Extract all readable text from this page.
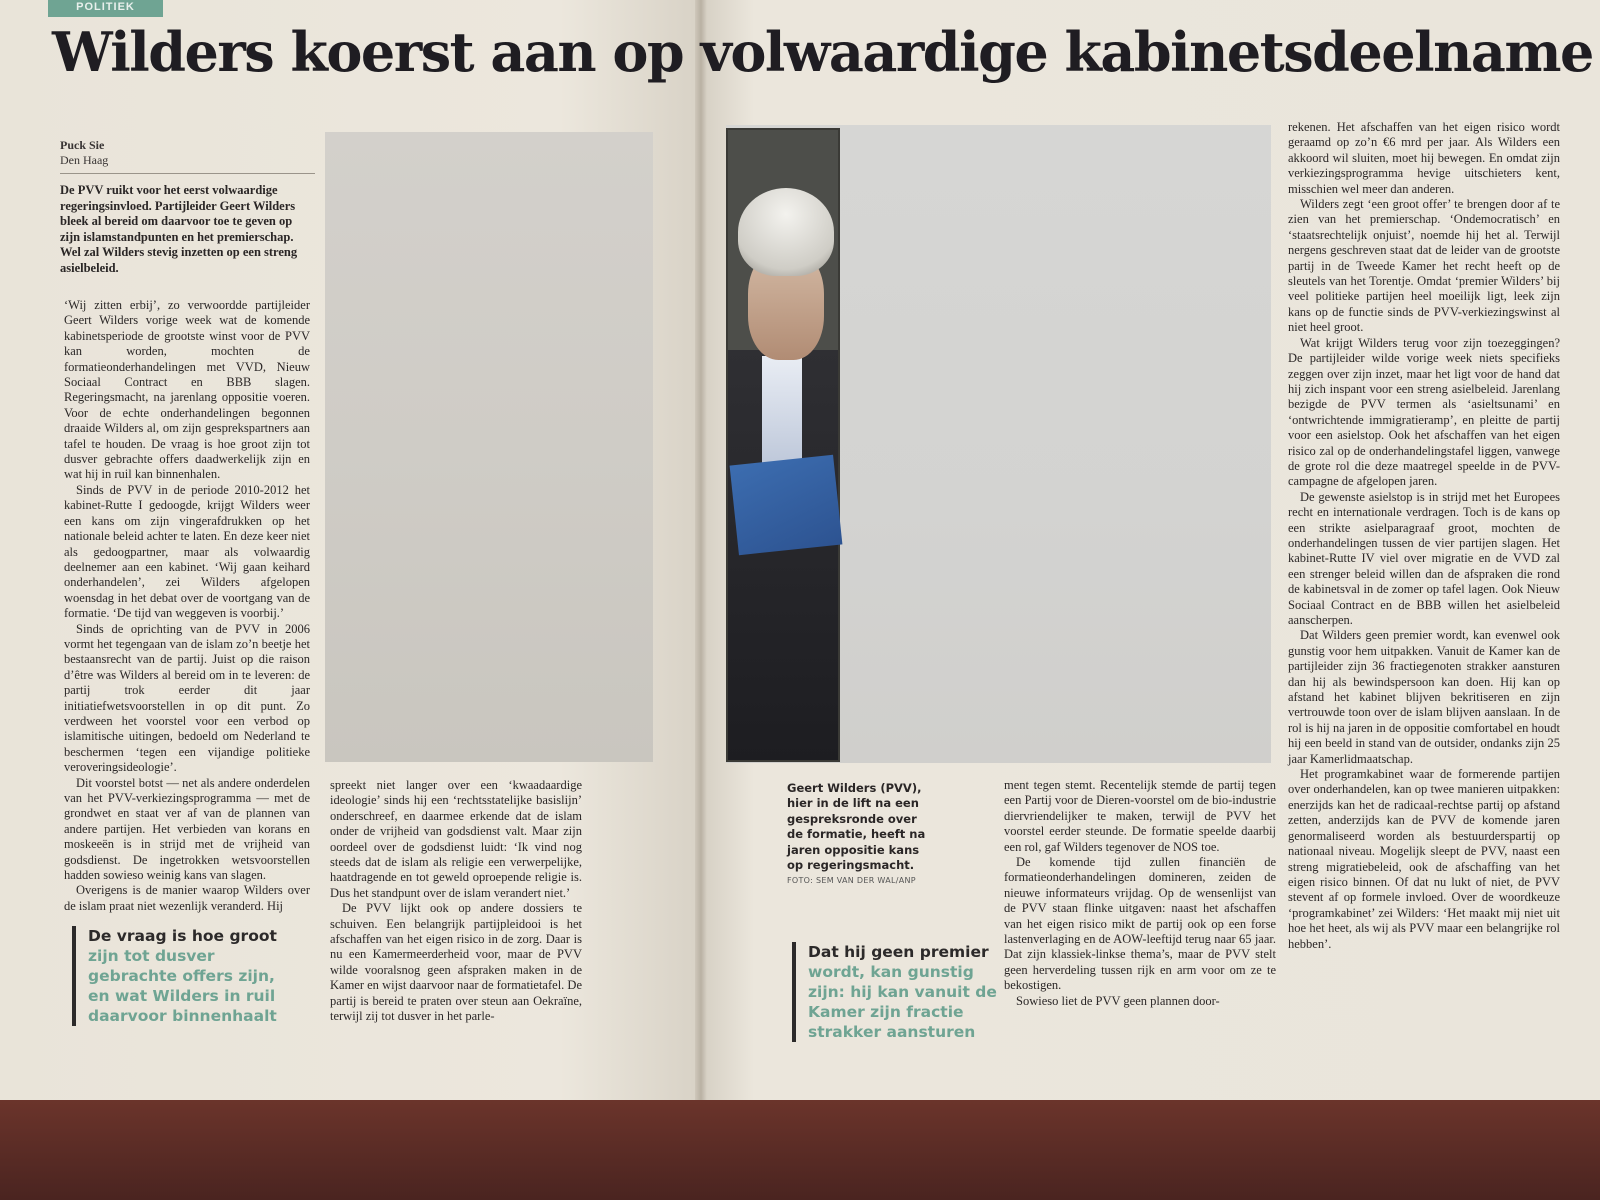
POLITIEK
Wilders koerst aan op volwaardige kabinetsdeelname
Puck Sie
Den Haag
De PVV ruikt voor het eerst volwaardige regeringsinvloed. Partijleider Geert Wilders bleek al bereid om daarvoor toe te geven op zijn islamstandpunten en het premierschap. Wel zal Wilders stevig inzetten op een streng asielbeleid.

‘Wij zitten erbij’, zo verwoordde partijleider Geert Wilders vorige week wat de komende kabinetsperiode de grootste winst voor de PVV kan worden, mochten de formatieonderhandelingen met VVD, Nieuw Sociaal Contract en BBB slagen. Regeringsmacht, na jarenlang oppositie voeren. Voor de echte onderhandelingen begonnen draaide Wilders al, om zijn gesprekspartners aan tafel te houden. De vraag is hoe groot zijn tot dusver gebrachte offers daadwerkelijk zijn en wat hij in ruil kan binnenhalen.

Sinds de PVV in de periode 2010-2012 het kabinet-Rutte I gedoogde, krijgt Wilders weer een kans om zijn vingerafdrukken op het nationale beleid achter te laten. En deze keer niet als gedoogpartner, maar als volwaardig deelnemer aan een kabinet. ‘Wij gaan keihard onderhandelen’, zei Wilders afgelopen woensdag in het debat over de voortgang van de formatie. ‘De tijd van weggeven is voorbij.’

Sinds de oprichting van de PVV in 2006 vormt het tegengaan van de islam zo’n beetje het bestaansrecht van de partij. Juist op die raison d’être was Wilders al bereid om in te leveren: de partij trok eerder dit jaar initiatiefwetsvoorstellen in op dit punt. Zo verdween het voorstel voor een verbod op islamitische uitingen, bedoeld om Nederland te beschermen ‘tegen een vijandige politieke veroveringsideologie’.

Dit voorstel botst — net als andere onderdelen van het PVV-verkiezingsprogramma — met de grondwet en staat ver af van de plannen van andere partijen. Het verbieden van korans en moskeeën is in strijd met de vrijheid van godsdienst. De ingetrokken wetsvoorstellen hadden sowieso weinig kans van slagen.

Overigens is de manier waarop Wilders over de islam praat niet wezenlijk veranderd. Hij

spreekt niet langer over een ‘kwaadaardige ideologie’ sinds hij een ‘rechtsstatelijke basislijn’ onderschreef, en daarmee erkende dat de islam onder de vrijheid van godsdienst valt. Maar zijn oordeel over de godsdienst luidt: ‘Ik vind nog steeds dat de islam als religie een verwerpelijke, haatdragende en tot geweld oproepende religie is. Dus het standpunt over de islam verandert niet.’

De PVV lijkt ook op andere dossiers te schuiven. Een belangrijk partijpleidooi is het afschaffen van het eigen risico in de zorg. Daar is nu een Kamermeerderheid voor, maar de PVV wilde vooralsnog geen afspraken maken in de Kamer en wijst daarvoor naar de formatietafel. De partij is bereid te praten over steun aan Oekraïne, terwijl zij tot dusver in het parle-

De vraag is hoe groot zijn tot dusver gebrachte offers zijn, en wat Wilders in ruil daarvoor binnenhaalt
Geert Wilders (PVV), hier in de lift na een gespreksronde over de formatie, heeft na jaren oppositie kans op regeringsmacht.
FOTO: SEM VAN DER WAL/ANP
Dat hij geen premier wordt, kan gunstig zijn: hij kan vanuit de Kamer zijn fractie strakker aansturen

ment tegen stemt. Recentelijk stemde de partij tegen een Partij voor de Dieren-voorstel om de bio-industrie diervriendelijker te maken, terwijl de PVV het voorstel eerder steunde. De formatie speelde daarbij een rol, gaf Wilders tegenover de NOS toe.

De komende tijd zullen financiën de formatieonderhandelingen domineren, zeiden de nieuwe informateurs vrijdag. Op de wensenlijst van de PVV staan flinke uitgaven: naast het afschaffen van het eigen risico mikt de partij ook op een forse lastenverlaging en de AOW-leeftijd terug naar 65 jaar. Dat zijn klassiek-linkse thema’s, maar de PVV stelt geen herverdeling tussen rijk en arm voor om ze te bekostigen.

Sowieso liet de PVV geen plannen door-

rekenen. Het afschaffen van het eigen risico wordt geraamd op zo’n €6 mrd per jaar. Als Wilders een akkoord wil sluiten, moet hij bewegen. En omdat zijn verkiezingsprogramma hevige uitschieters kent, misschien wel meer dan anderen.

Wilders zegt ‘een groot offer’ te brengen door af te zien van het premierschap. ‘Ondemocratisch’ en ‘staatsrechtelijk onjuist’, noemde hij het al. Terwijl nergens geschreven staat dat de leider van de grootste partij in de Tweede Kamer het recht heeft op de sleutels van het Torentje. Omdat ‘premier Wilders’ bij veel politieke partijen heel moeilijk ligt, leek zijn kans op de functie sinds de PVV-verkiezingswinst al niet heel groot.

Wat krijgt Wilders terug voor zijn toezeggingen? De partijleider wilde vorige week niets specifieks zeggen over zijn inzet, maar het ligt voor de hand dat hij zich inspant voor een streng asielbeleid. Jarenlang bezigde de PVV termen als ‘asieltsunami’ en ‘ontwrichtende immigratieramp’, en pleitte de partij voor een asielstop. Ook het afschaffen van het eigen risico zal op de onderhandelingstafel liggen, vanwege de grote rol die deze maatregel speelde in de PVV-campagne de afgelopen jaren.

De gewenste asielstop is in strijd met het Europees recht en internationale verdragen. Toch is de kans op een strikte asielparagraaf groot, mochten de onderhandelingen tussen de vier partijen slagen. Het kabinet-Rutte IV viel over migratie en de VVD zal een strenger beleid willen dan de afspraken die rond de kabinetsval in de zomer op tafel lagen. Ook Nieuw Sociaal Contract en de BBB willen het asielbeleid aanscherpen.

Dat Wilders geen premier wordt, kan evenwel ook gunstig voor hem uitpakken. Vanuit de Kamer kan de partijleider zijn 36 fractiegenoten strakker aansturen dan hij als bewindspersoon kan doen. Hij kan op afstand het kabinet blijven bekritiseren en zijn vertrouwde toon over de islam blijven aanslaan. In de rol is hij na jaren in de oppositie comfortabel en houdt hij een beeld in stand van de outsider, ondanks zijn 25 jaar Kamerlidmaatschap.

Het programkabinet waar de formerende partijen over onderhandelen, kan op twee manieren uitpakken: enerzijds kan het de radicaal-rechtse partij op afstand zetten, anderzijds kan de PVV de komende jaren genormaliseerd worden als bestuurderspartij op nationaal niveau. Mogelijk sleept de PVV, naast een streng migratiebeleid, ook de afschaffing van het eigen risico binnen. Of dat nu lukt of niet, de PVV stevent af op formele invloed. Over de woordkeuze ‘programkabinet’ zei Wilders: ‘Het maakt mij niet uit hoe het heet, als wij als PVV maar een belangrijke rol hebben’.
